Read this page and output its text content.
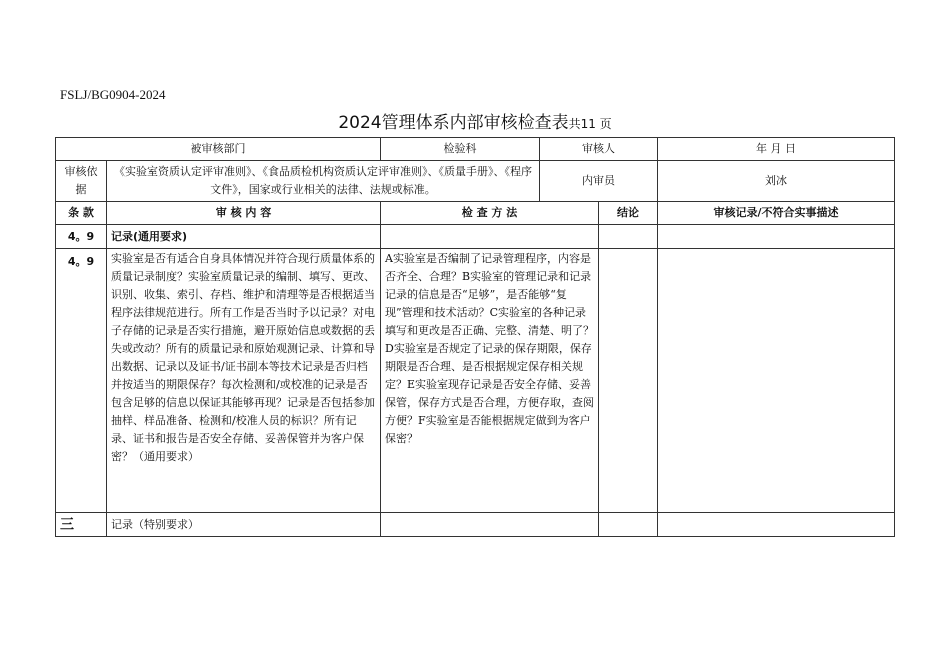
FSLJ/BG0904-2024
2024管理体系内部审核检查表共11 页
被审核部门		检验科	审核人		年 月 日
审核依据	《实验室资质认定评审准则》、《食品质检机构资质认定评审准则》、《质量手册》、《程序文件》，国家或行业相关的法律、法规或标准。		内审员		刘冰
条 款	审 核 内 容	检 查 方 法		结论	审核记录/不符合实事描述
4。9	记录(通用要求)				
4。9	实验室是否有适合自身具体情况并符合现行质量体系的质量记录制度？实验室质量记录的编制、填写、更改、识别、收集、索引、存档、维护和清理等是否根据适当程序法律规范进行。所有工作是否当时予以记录？对电子存储的记录是否实行措施，避开原始信息或数据的丢失或改动？所有的质量记录和原始观测记录、计算和导出数据、记录以及证书/证书副本等技术记录是否归档并按适当的期限保存？每次检测和/或校准的记录是否包含足够的信息以保证其能够再现？记录是否包括参加抽样、样品准备、检测和/校准人员的标识？所有记录、证书和报告是否安全存储、妥善保管并为客户保密？（通用要求）	A实验室是否编制了记录管理程序，内容是否齐全、合理？B实验室的管理记录和记录记录的信息是否“足够”，是否能够“复现”管理和技术活动？C实验室的各种记录填写和更改是否正确、完整、清楚、明了？D实验室是否规定了记录的保存期限，保存期限是否合理、是否根据规定保存相关规定？E实验室现存记录是否安全存储、妥善保管，保存方式是否合理，方便存取，查阅方便？F实验室是否能根据规定做到为客户保密？			
三	记录（特别要求）				
